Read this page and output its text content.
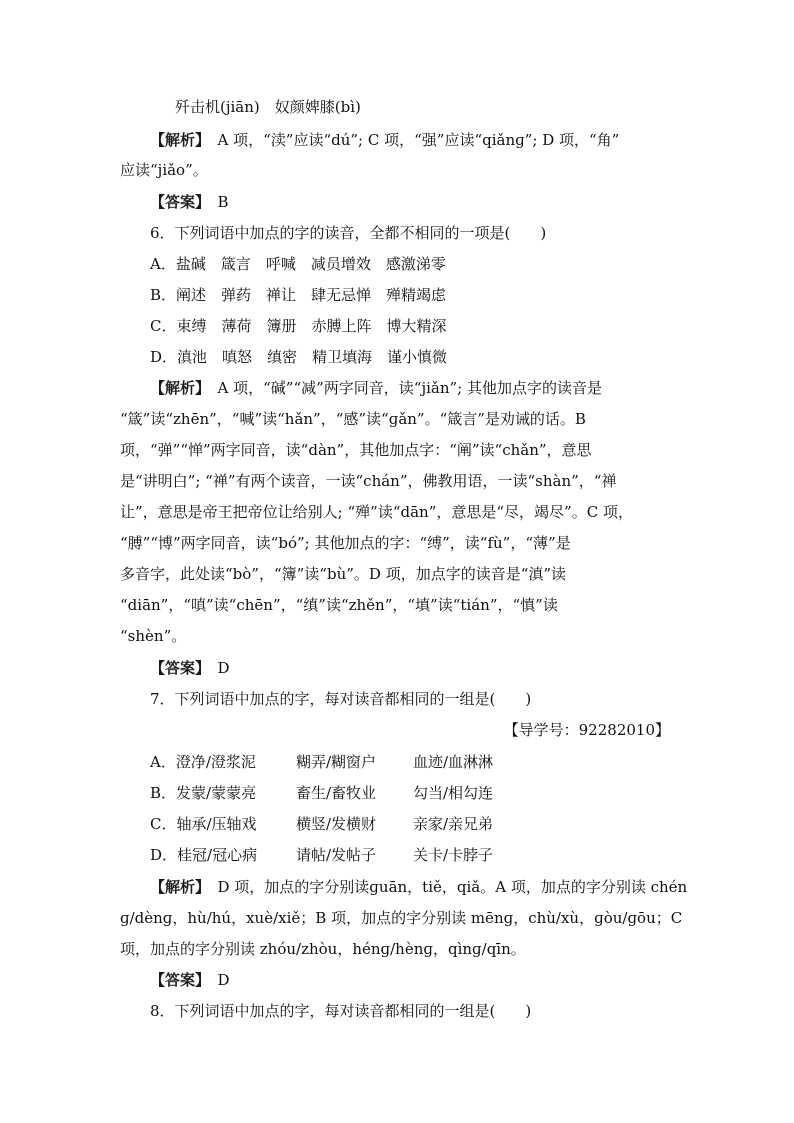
歼击机(jiān)　奴颜婢膝(bì)
【解析】　A 项，“渎”应读“dú”; C 项，“强”应读“qiǎnɡ”; D 项，“角”
应读“jiǎo”。
【答案】　B
6．下列词语中加点的字的读音，全都不相同的一项是(　　)
A．盐碱　箴言　呼喊　减员增效　感激涕零
B．阐述　弹药　禅让　肆无忌惮　殚精竭虑
C．束缚　薄荷　簿册　赤膊上阵　博大精深
D．滇池　嗔怒　缜密　精卫填海　谨小慎微
【解析】　A 项，“碱”“减”两字同音，读“jiǎn”; 其他加点字的读音是
“箴”读“zhēn”，“喊”读“hǎn”，“感”读“ɡǎn”。“箴言”是劝诫的话。B
项，“弹”“惮”两字同音，读“dàn”，其他加点字：“阐”读“chǎn”，意思
是“讲明白”; “禅”有两个读音，一读“chán”，佛教用语，一读“shàn”，“禅
让”，意思是帝王把帝位让给别人; “殚”读“dān”，意思是“尽，竭尽”。C 项，
“膊”“博”两字同音，读“bó”; 其他加点的字：“缚”，读“fù”，“薄”是
多音字，此处读“bò”，“簿”读“bù”。D 项，加点字的读音是“滇”读
“diān”，“嗔”读“chēn”，“缜”读“zhěn”，“填”读“tián”，“慎”读
“shèn”。
【答案】　D
7．下列词语中加点的字，每对读音都相同的一组是(　　)
【导学号：92282010】
A．澄净/澄浆泥	糊弄/糊窗户 血迹/血淋淋
B．发蒙/蒙蒙亮	畜生/畜牧业 勾当/相勾连
C．轴承/压轴戏	横竖/发横财 亲家/亲兄弟
D．桂冠/冠心病	请帖/发帖子 关卡/卡脖子
【解析】　D 项，加点的字分别读ɡuān，tiě，qiǎ。A 项，加点的字分别读 chén
ɡ/dènɡ，hù/hú，xuè/xiě；B 项，加点的字分别读 mēnɡ，chù/xù，ɡòu/ɡōu；C
项，加点的字分别读 zhóu/zhòu，hénɡ/hènɡ，qìnɡ/qīn。
【答案】　D
8．下列词语中加点的字，每对读音都相同的一组是(　　)
